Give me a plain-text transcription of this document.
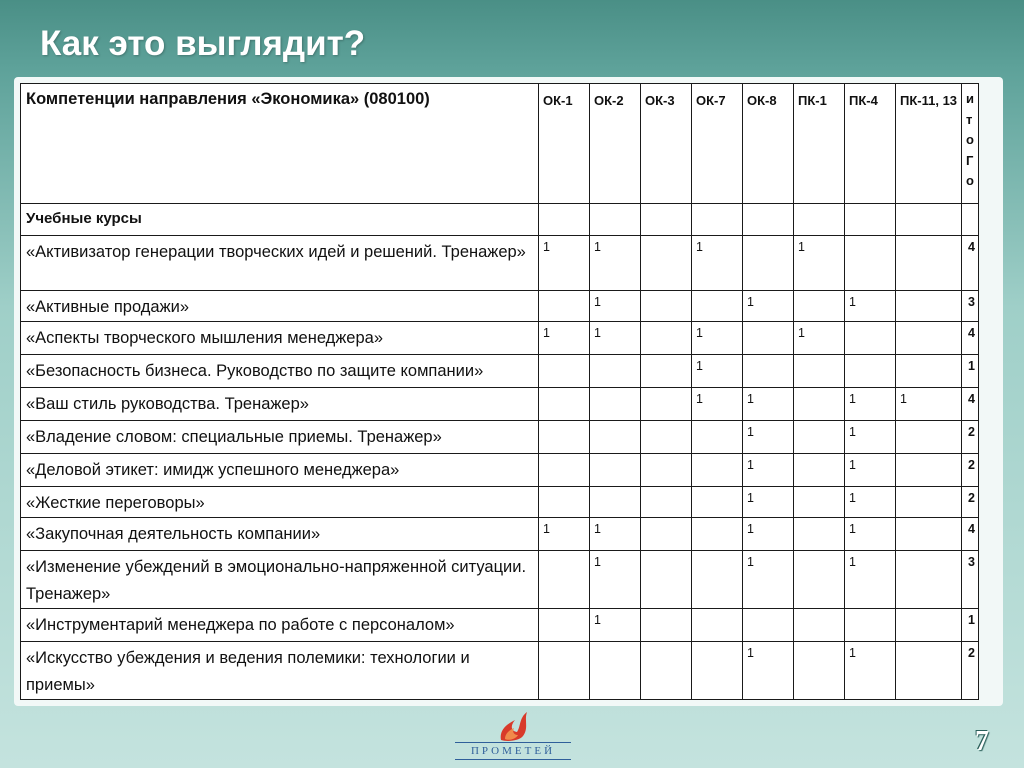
Как это выглядит?
Компетенции направления «Экономика» (080100)	ОК-1	ОК-2	ОК-3	ОК-7	ОК-8	ПК-1	ПК-4	ПК-11, 13	итоГо
Учебные курсы									
«Активизатор генерации творческих идей и решений. Тренажер»	1	1		1		1			4
«Активные продажи»		1			1		1		3
«Аспекты творческого мышления менеджера»	1	1		1		1			4
«Безопасность бизнеса. Руководство по защите компании»				1					1
«Ваш стиль руководства. Тренажер»				1	1		1	1	4
«Владение словом: специальные приемы. Тренажер»					1		1		2
«Деловой этикет: имидж успешного менеджера»					1		1		2
«Жесткие переговоры»					1		1		2
«Закупочная деятельность компании»	1	1			1		1		4
«Изменение убеждений в эмоционально-напряженной ситуации. Тренажер»		1			1		1		3
«Инструментарий менеджера по работе с персоналом»		1							1
«Искусство убеждения и ведения полемики: технологии и приемы»					1		1		2
ПРОМЕТЕЙ	7
